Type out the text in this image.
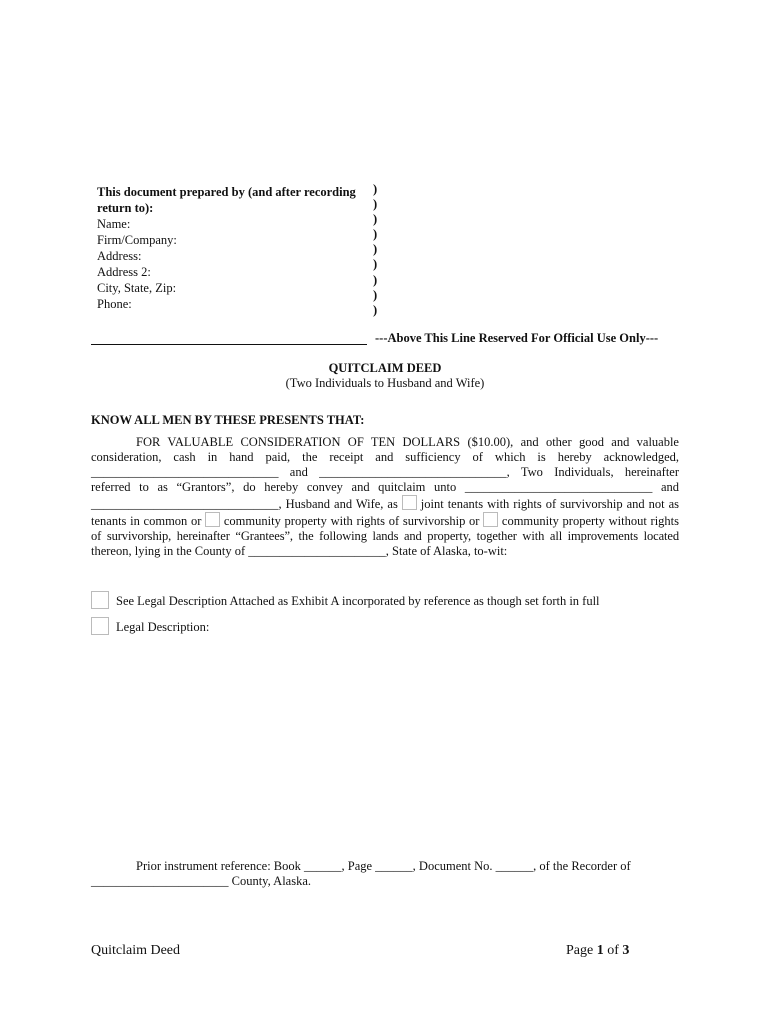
This document prepared by (and after recording
return to):
Name:
Firm/Company:
Address:
Address 2:
City, State, Zip:
Phone:
)
)
)
)
)
)
)
)
)
---Above This Line Reserved For Official Use Only---
QUITCLAIM DEED
(Two Individuals to Husband and Wife)
KNOW ALL MEN BY THESE PRESENTS THAT:
FOR VALUABLE CONSIDERATION OF TEN DOLLARS ($10.00), and other good and valuable
consideration, cash in hand paid, the receipt and sufficiency of which is hereby acknowledged,
______________________________ and ______________________________, Two Individuals, hereinafter
referred to as “Grantors”, do hereby convey and quitclaim unto ______________________________ and
______________________________, Husband and Wife, as joint tenants with rights of survivorship and not as
tenants in common or community property with rights of survivorship or community property without rights
of survivorship, hereinafter “Grantees”, the following lands and property, together with all improvements located
thereon, lying in the County of ______________________, State of Alaska, to-wit:
See Legal Description Attached as Exhibit A incorporated by reference as though set forth in full
Legal Description:
Prior instrument reference: Book ______, Page ______, Document No. ______, of the Recorder of
______________________ County, Alaska.
Quitclaim Deed	Page 1 of 3
